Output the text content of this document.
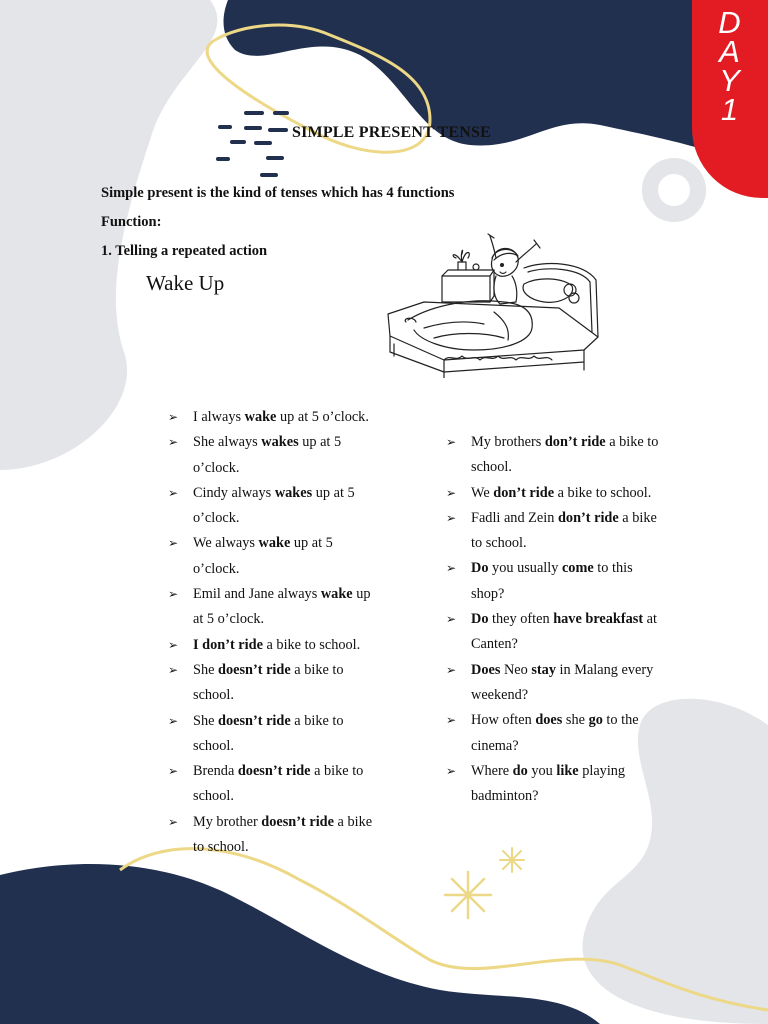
D
A
Y
1
SIMPLE PRESENT TENSE
Simple present is the kind of tenses which has 4 functions
Function:
1. Telling a repeated action
Wake Up
➢ I always wake up at 5 o’clock.
➢ She always wakes up at 5 o’clock.
➢ Cindy always wakes up at 5 o’clock.
➢ We always wake up at 5 o’clock.
➢ Emil and Jane always wake up at 5 o’clock.
➢ I don’t ride a bike to school.
➢ She doesn’t ride a bike to school.
➢ She doesn’t ride a bike to school.
➢ Brenda doesn’t ride a bike to school.
➢ My brother doesn’t ride a bike to school.
➢ My brothers don’t ride a bike to school.
➢ We don’t ride a bike to school.
➢ Fadli and Zein don’t ride a bike to school.
➢ Do you usually come to this shop?
➢ Do they often have breakfast at Canten?
➢ Does Neo stay in Malang every weekend?
➢ How often does she go to the cinema?
➢ Where do you like playing badminton?
